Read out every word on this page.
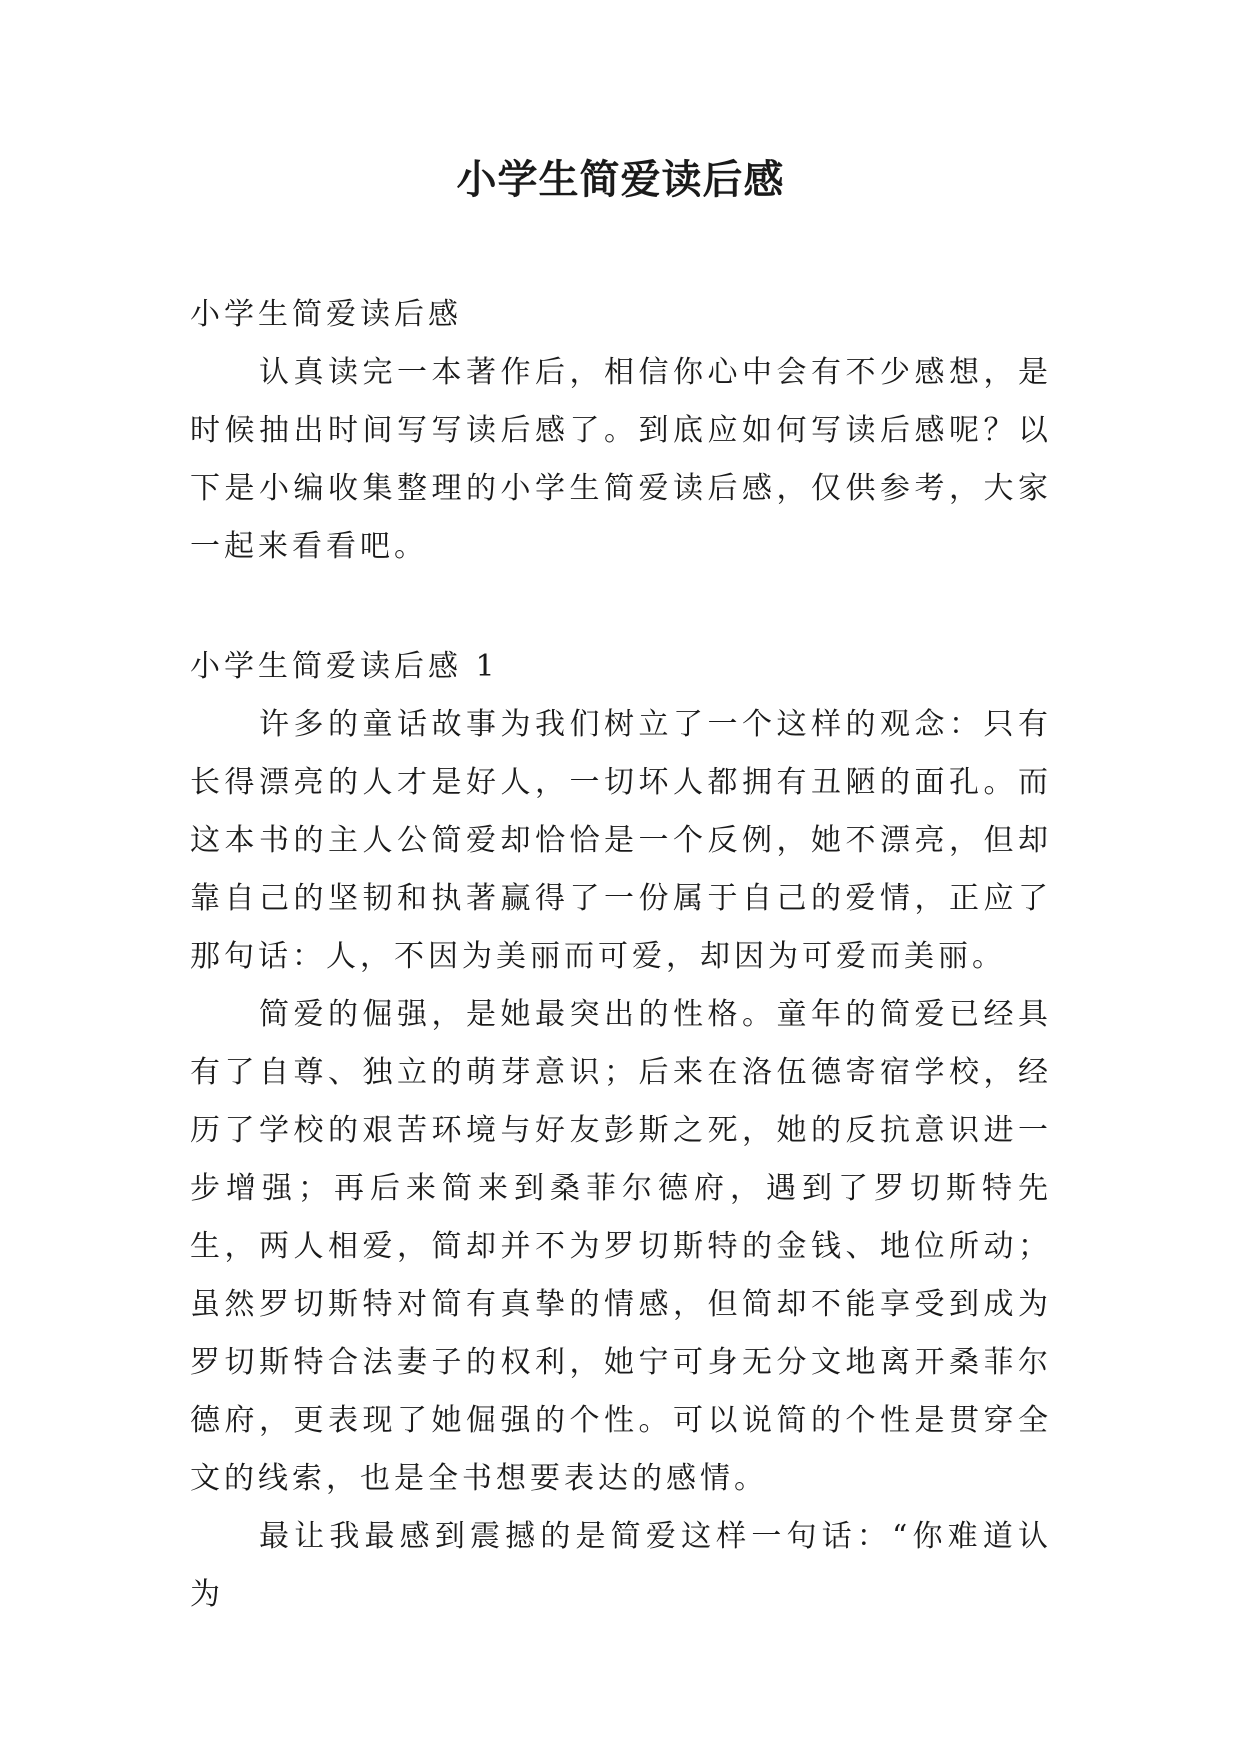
小学生简爱读后感

小学生简爱读后感

认真读完一本著作后，相信你心中会有不少感想，是时候抽出时间写写读后感了。到底应如何写读后感呢？以下是小编收集整理的小学生简爱读后感，仅供参考，大家一起来看看吧。

小学生简爱读后感 1

许多的童话故事为我们树立了一个这样的观念：只有长得漂亮的人才是好人，一切坏人都拥有丑陋的面孔。而这本书的主人公简爱却恰恰是一个反例，她不漂亮，但却靠自己的坚韧和执著赢得了一份属于自己的爱情，正应了那句话：人，不因为美丽而可爱，却因为可爱而美丽。

简爱的倔强，是她最突出的性格。童年的简爱已经具有了自尊、独立的萌芽意识；后来在洛伍德寄宿学校，经历了学校的艰苦环境与好友彭斯之死，她的反抗意识进一步增强；再后来简来到桑菲尔德府，遇到了罗切斯特先生，两人相爱，简却并不为罗切斯特的金钱、地位所动；虽然罗切斯特对简有真挚的情感，但简却不能享受到成为罗切斯特合法妻子的权利，她宁可身无分文地离开桑菲尔德府，更表现了她倔强的个性。可以说简的个性是贯穿全文的线索，也是全书想要表达的感情。

最让我最感到震撼的是简爱这样一句话：“你难道认为
